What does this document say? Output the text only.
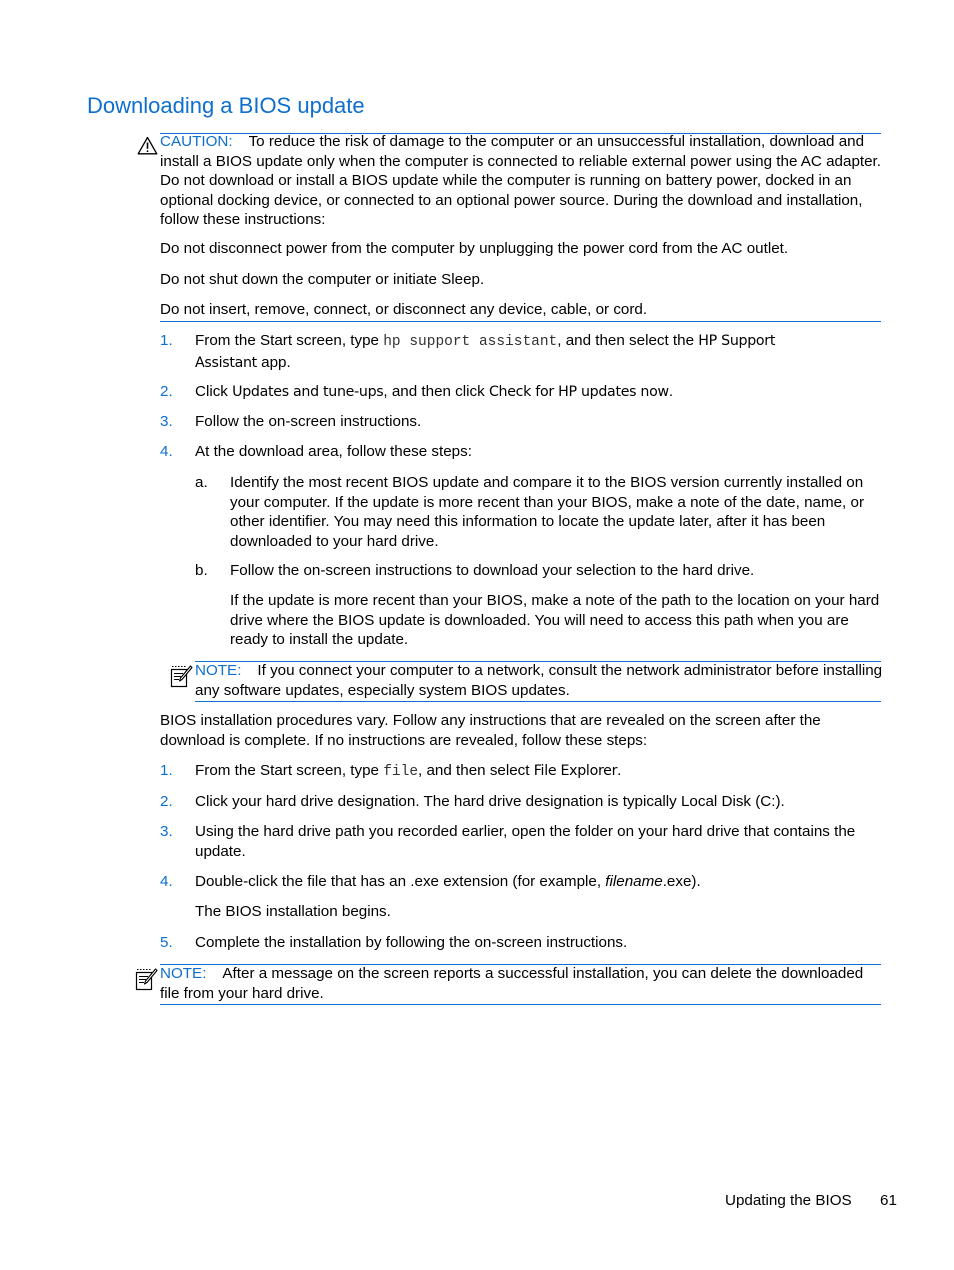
Downloading a BIOS update

CAUTION: To reduce the risk of damage to the computer or an unsuccessful installation, download and install a BIOS update only when the computer is connected to reliable external power using the AC adapter. Do not download or install a BIOS update while the computer is running on battery power, docked in an optional docking device, or connected to an optional power source. During the download and installation, follow these instructions:

Do not disconnect power from the computer by unplugging the power cord from the AC outlet.

Do not shut down the computer or initiate Sleep.

Do not insert, remove, connect, or disconnect any device, cable, or cord.

1. From the Start screen, type hp support assistant, and then select the HP Support
Assistant app.

2. Click Updates and tune-ups, and then click Check for HP updates now.

3. Follow the on-screen instructions.

4. At the download area, follow these steps:

a. Identify the most recent BIOS update and compare it to the BIOS version currently installed on your computer. If the update is more recent than your BIOS, make a note of the date, name, or other identifier. You may need this information to locate the update later, after it has been downloaded to your hard drive.

b. Follow the on-screen instructions to download your selection to the hard drive.

If the update is more recent than your BIOS, make a note of the path to the location on your hard drive where the BIOS update is downloaded. You will need to access this path when you are ready to install the update.

NOTE: If you connect your computer to a network, consult the network administrator before installing any software updates, especially system BIOS updates.

BIOS installation procedures vary. Follow any instructions that are revealed on the screen after the download is complete. If no instructions are revealed, follow these steps:

1. From the Start screen, type file, and then select File Explorer.

2. Click your hard drive designation. The hard drive designation is typically Local Disk (C:).

3. Using the hard drive path you recorded earlier, open the folder on your hard drive that contains the update.

4. Double-click the file that has an .exe extension (for example, filename.exe).

The BIOS installation begins.

5. Complete the installation by following the on-screen instructions.

NOTE: After a message on the screen reports a successful installation, you can delete the downloaded file from your hard drive.

Updating the BIOS 61
